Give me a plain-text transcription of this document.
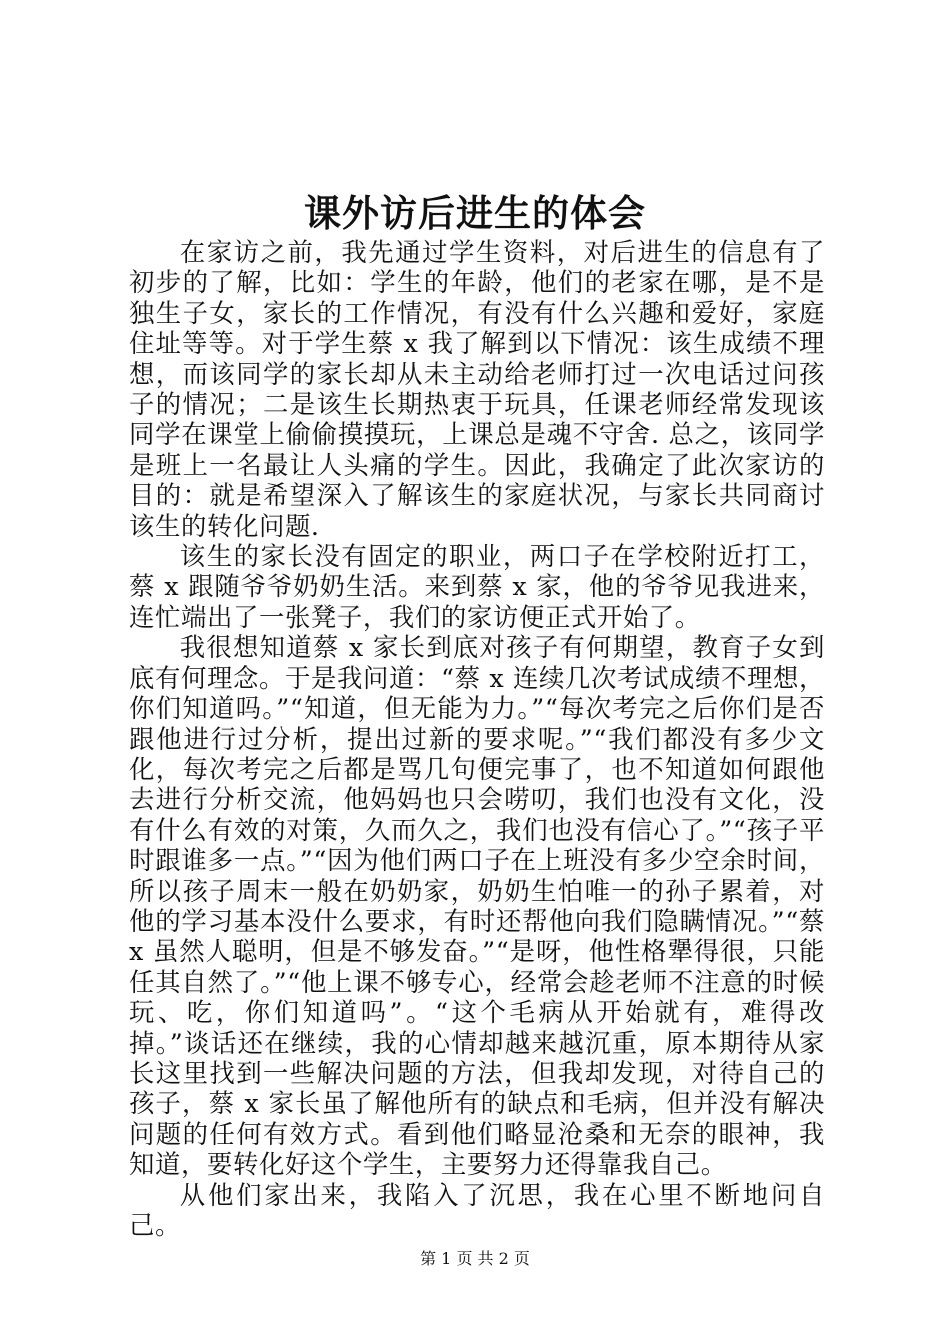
课外访后进生的体会

在家访之前，我先通过学生资料，对后进生的信息有了初步的了解，比如：学生的年龄，他们的老家在哪，是不是独生子女，家长的工作情况，有没有什么兴趣和爱好，家庭住址等等。对于学生蔡 x 我了解到以下情况：该生成绩不理想，而该同学的家长却从未主动给老师打过一次电话过问孩子的情况；二是该生长期热衷于玩具，任课老师经常发现该同学在课堂上偷偷摸摸玩，上课总是魂不守舍. 总之，该同学是班上一名最让人头痛的学生。因此，我确定了此次家访的目的：就是希望深入了解该生的家庭状况，与家长共同商讨该生的转化问题.

该生的家长没有固定的职业，两口子在学校附近打工，蔡 x 跟随爷爷奶奶生活。来到蔡 x 家，他的爷爷见我进来，连忙端出了一张凳子，我们的家访便正式开始了。

我很想知道蔡 x 家长到底对孩子有何期望，教育子女到底有何理念。于是我问道：“蔡 x 连续几次考试成绩不理想，你们知道吗。”“知道，但无能为力。”“每次考完之后你们是否跟他进行过分析，提出过新的要求呢。”“我们都没有多少文化，每次考完之后都是骂几句便完事了，也不知道如何跟他去进行分析交流，他妈妈也只会唠叨，我们也没有文化，没有什么有效的对策，久而久之，我们也没有信心了。”“孩子平时跟谁多一点。”“因为他们两口子在上班没有多少空余时间，所以孩子周末一般在奶奶家，奶奶生怕唯一的孙子累着，对他的学习基本没什么要求，有时还帮他向我们隐瞒情况。”“蔡 x 虽然人聪明，但是不够发奋。”“是呀，他性格犟得很，只能任其自然了。”“他上课不够专心，经常会趁老师不注意的时候玩、吃，你们知道吗”。“这个毛病从开始就有，难得改掉。”谈话还在继续，我的心情却越来越沉重，原本期待从家长这里找到一些解决问题的方法，但我却发现，对待自己的孩子，蔡 x 家长虽了解他所有的缺点和毛病，但并没有解决问题的任何有效方式。看到他们略显沧桑和无奈的眼神，我知道，要转化好这个学生，主要努力还得靠我自己。

从他们家出来，我陷入了沉思，我在心里不断地问自己。

第 1 页 共 2 页
